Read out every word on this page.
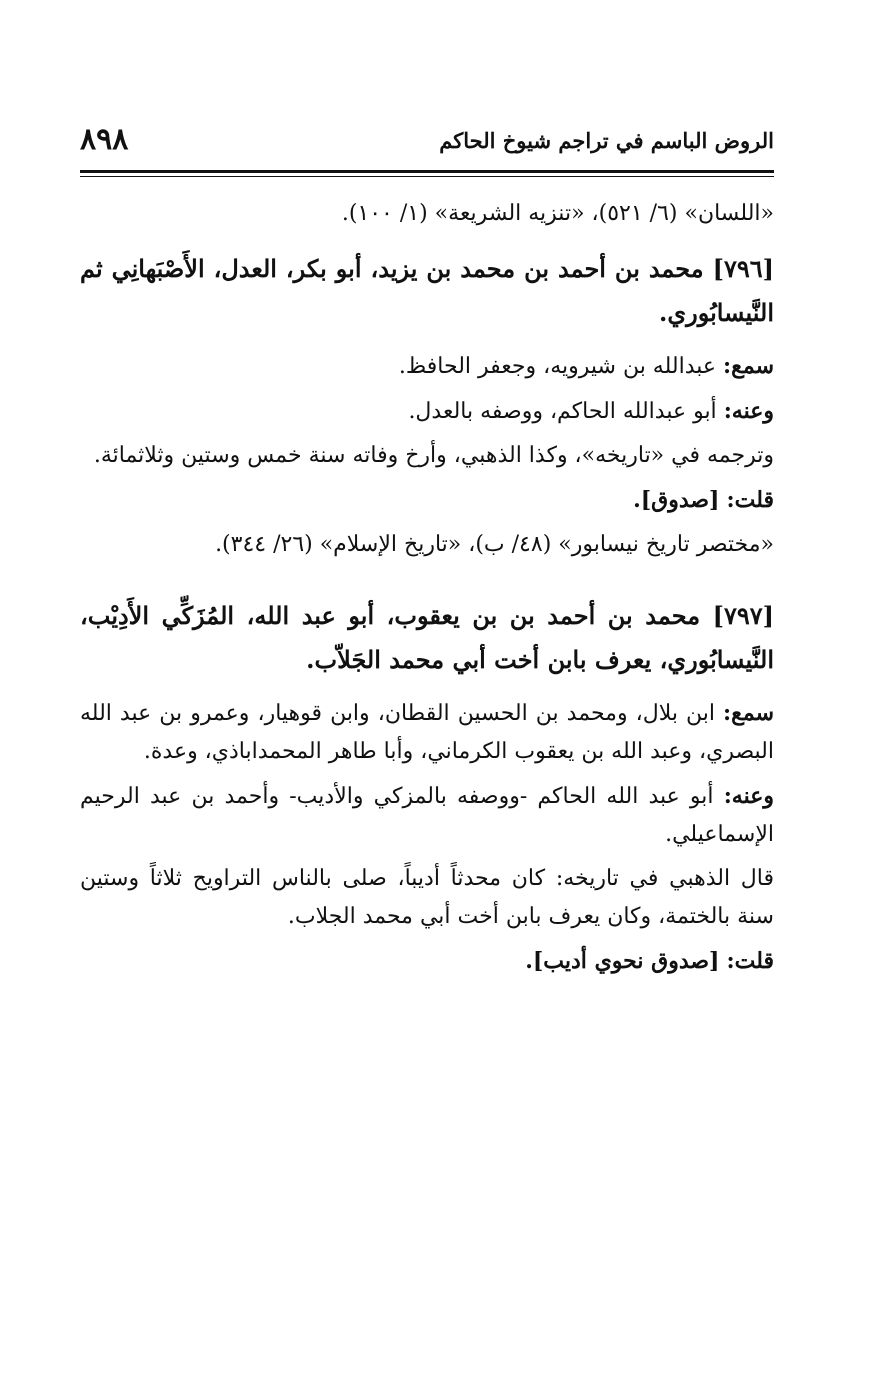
٨٩٨	الروض الباسم في تراجم شيوخ الحاكم

«اللسان» (٦/ ٥٢١)، «تنزيه الشريعة» (١/ ١٠٠).

[٧٩٦] محمد بن أحمد بن محمد بن يزيد، أبو بكر، العدل، الأَصْبَهانِي ثم النَّيسابُوري.

سمع: عبدالله بن شيرويه، وجعفر الحافظ.

وعنه: أبو عبدالله الحاكم، ووصفه بالعدل.

وترجمه في «تاريخه»، وكذا الذهبي، وأرخ وفاته سنة خمس وستين وثلاثمائة.

قلت: [صدوق].

«مختصر تاريخ نيسابور» (٤٨/ ب)، «تاريخ الإسلام» (٢٦/ ٣٤٤).

[٧٩٧] محمد بن أحمد بن بن يعقوب، أبو عبد الله، المُزَكِّي الأَدِيْب، النَّيسابُوري، يعرف بابن أخت أبي محمد الجَلاّب.

سمع: ابن بلال، ومحمد بن الحسين القطان، وابن قوهيار، وعمرو بن عبد الله البصري، وعبد الله بن يعقوب الكرماني، وأبا طاهر المحمداباذي، وعدة.

وعنه: أبو عبد الله الحاكم -ووصفه بالمزكي والأديب- وأحمد بن عبد الرحيم الإسماعيلي.

قال الذهبي في تاريخه: كان محدثاً أديباً، صلى بالناس التراويح ثلاثاً وستين سنة بالختمة، وكان يعرف بابن أخت أبي محمد الجلاب.

قلت: [صدوق نحوي أديب].
